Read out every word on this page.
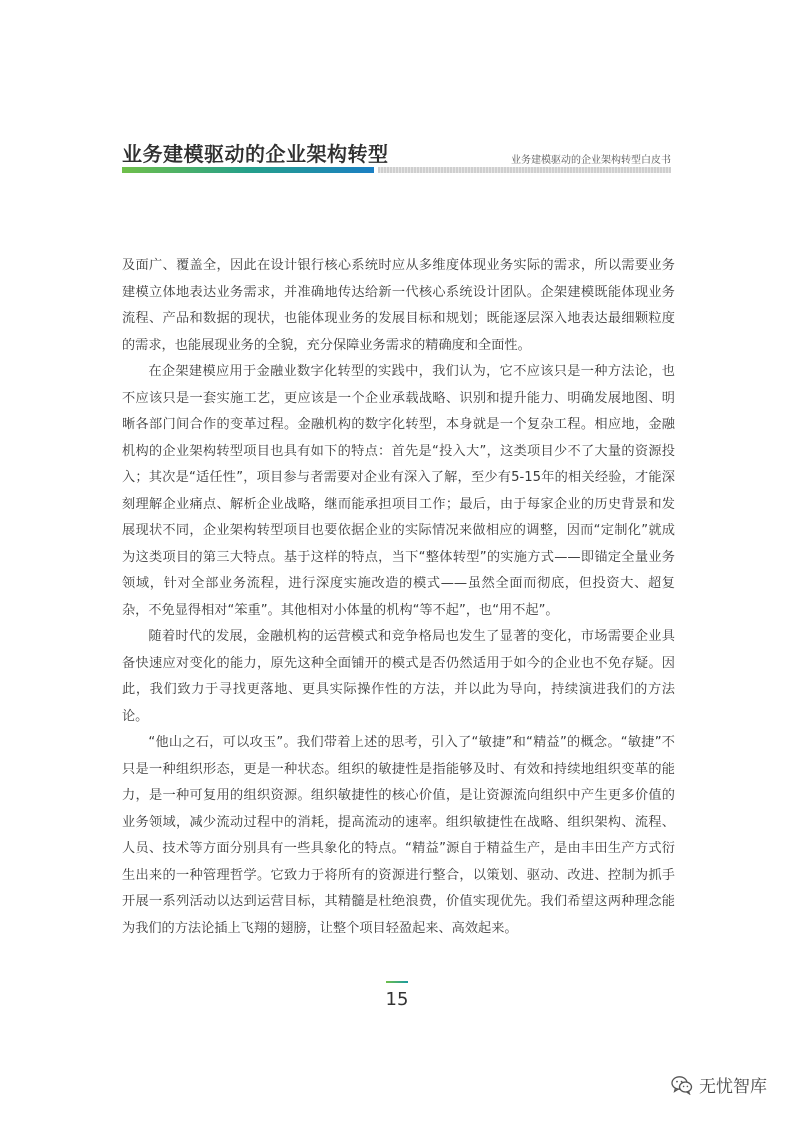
业务建模驱动的企业架构转型	业务建模驱动的企业架构转型白皮书

及面广、覆盖全，因此在设计银行核心系统时应从多维度体现业务实际的需求，所以需要业务建模立体地表达业务需求，并准确地传达给新一代核心系统设计团队。企架建模既能体现业务流程、产品和数据的现状，也能体现业务的发展目标和规划；既能逐层深入地表达最细颗粒度的需求，也能展现业务的全貌，充分保障业务需求的精确度和全面性。

在企架建模应用于金融业数字化转型的实践中，我们认为，它不应该只是一种方法论，也不应该只是一套实施工艺，更应该是一个企业承载战略、识别和提升能力、明确发展地图、明晰各部门间合作的变革过程。金融机构的数字化转型，本身就是一个复杂工程。相应地，金融机构的企业架构转型项目也具有如下的特点：首先是“投入大”，这类项目少不了大量的资源投入；其次是“适任性”，项目参与者需要对企业有深入了解，至少有5-15年的相关经验，才能深刻理解企业痛点、解析企业战略，继而能承担项目工作；最后，由于每家企业的历史背景和发展现状不同，企业架构转型项目也要依据企业的实际情况来做相应的调整，因而“定制化”就成为这类项目的第三大特点。基于这样的特点，当下“整体转型”的实施方式——即锚定全量业务领域，针对全部业务流程，进行深度实施改造的模式——虽然全面而彻底，但投资大、超复杂，不免显得相对“笨重”。其他相对小体量的机构“等不起”，也“用不起”。

随着时代的发展，金融机构的运营模式和竞争格局也发生了显著的变化，市场需要企业具备快速应对变化的能力，原先这种全面铺开的模式是否仍然适用于如今的企业也不免存疑。因此，我们致力于寻找更落地、更具实际操作性的方法，并以此为导向，持续演进我们的方法论。

“他山之石，可以攻玉”。我们带着上述的思考，引入了“敏捷”和“精益”的概念。“敏捷”不只是一种组织形态，更是一种状态。组织的敏捷性是指能够及时、有效和持续地组织变革的能力，是一种可复用的组织资源。组织敏捷性的核心价值，是让资源流向组织中产生更多价值的业务领域，减少流动过程中的消耗，提高流动的速率。组织敏捷性在战略、组织架构、流程、人员、技术等方面分别具有一些具象化的特点。“精益”源自于精益生产，是由丰田生产方式衍生出来的一种管理哲学。它致力于将所有的资源进行整合，以策划、驱动、改进、控制为抓手开展一系列活动以达到运营目标，其精髓是杜绝浪费，价值实现优先。我们希望这两种理念能为我们的方法论插上飞翔的翅膀，让整个项目轻盈起来、高效起来。

15
无忧智库
